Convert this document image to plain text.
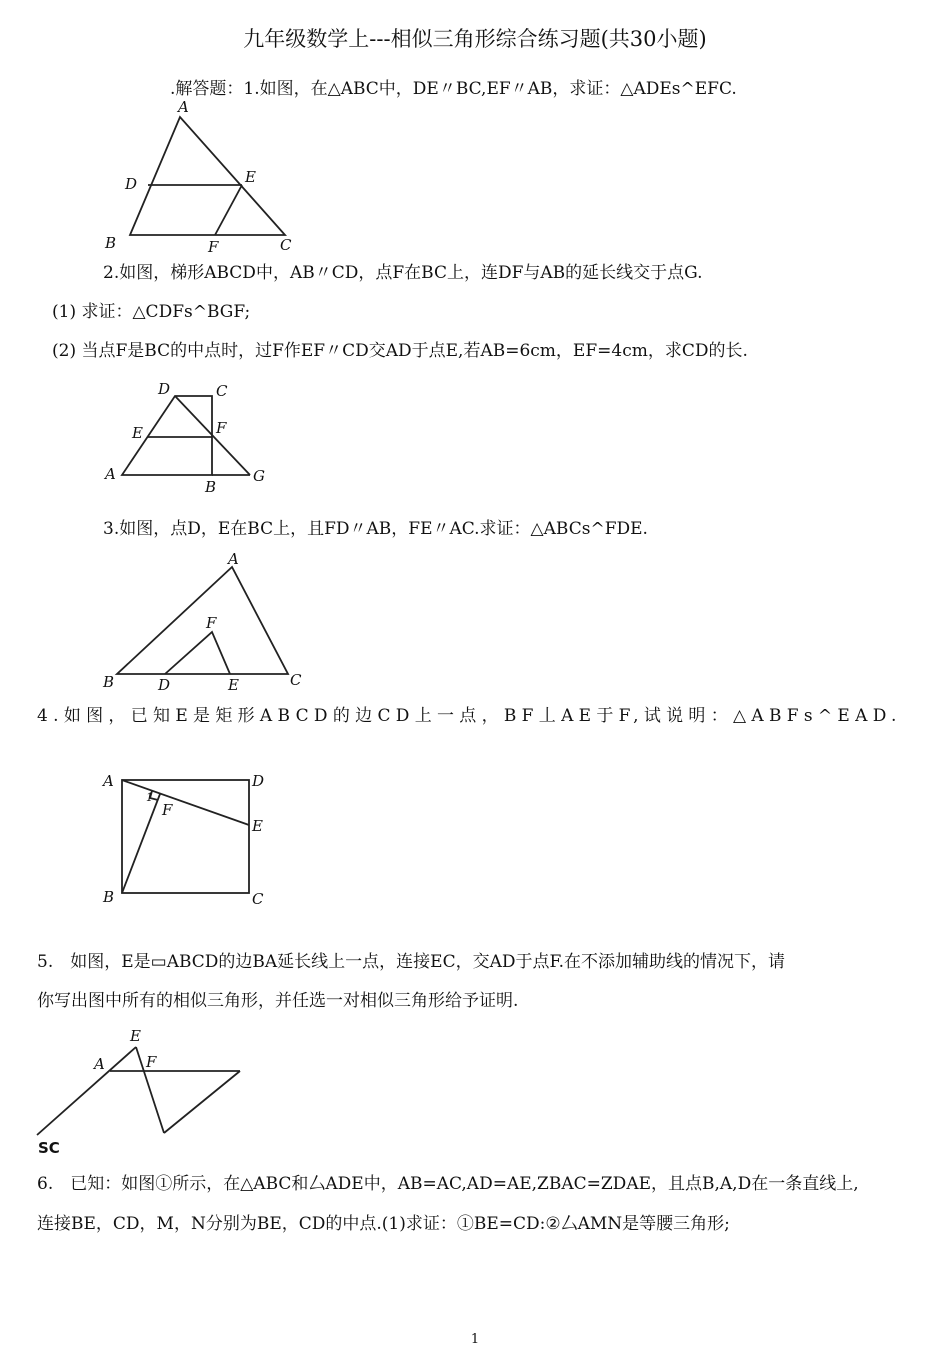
九年级数学上---相似三角形综合练习题(共30小题)
.解答题：1.如图，在△ABC中，DE〃BC,EF〃AB，求证：△ADEs^EFC.
A
B	C
D	E
F
2.如图，梯形ABCD中，AB〃CD，点F在BC上，连DF与AB的延长线交于点G.
(1) 求证：△CDFs^BGF;
(2) 当点F是BC的中点时，过F作EF〃CD交AD于点E,若AB=6cm，EF=4cm，求CD的长.
D	C
E	F
A
B
G
3.如图，点D，E在BC上，且FD〃AB，FE〃AC.求证：△ABCs^FDE.
A
B	C
D	E
F
4.如图，已知E是矩形ABCD的边CD上一点，BF丄AE于F,试说明：△ABFs^EAD.
A	D
E
F
1
B	C
5.　如图，E是▭ABCD的边BA延长线上一点，连接EC，交AD于点F.在不添加辅助线的情况下，请
你写出图中所有的相似三角形，并任选一对相似三角形给予证明.
E
A	F
SC
6.　已知：如图①所示，在△ABC和厶ADE中，AB=AC,AD=AE,ZBAC=ZDAE，且点B,A,D在一条直线上,
连接BE，CD，M，N分别为BE，CD的中点.(1)求证：①BE=CD:②厶AMN是等腰三角形;
1
